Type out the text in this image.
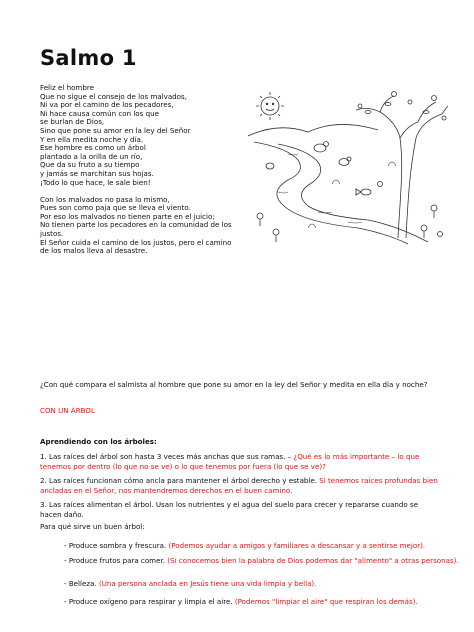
Salmo 1

Feliz el hombre
Que no sigue el consejo de los malvados,
Ni va por el camino de los pecadores,
Ni hace causa común con los que
se burlan de Dios,
Sino que pone su amor en la ley del Señor
Y en ella medita noche y día.
Ese hombre es como un árbol
plantado a la orilla de un río,
Que da su fruto a su tiempo
y jamás se marchitan sus hojas.
¡Todo lo que hace, le sale bien!

Con los malvados no pasa lo mismo,
Pues son como paja que se lleva el viento.
Por eso los malvados no tienen parte en el juicio;
No tienen parte los pecadores en la comunidad de los
justos.
El Señor cuida el camino de los justos, pero el camino
de los malos lleva al desastre.

¿Con qué compara el salmista al hombre que pone su amor en la ley del Señor y medita en ella día y noche?
CON UN ÁRBOL
Aprendiendo con los árboles:
1. Las raíces del árbol son hasta 3 veces más anchas que sus ramas. – ¿Qué es lo más importante – lo que tenemos por dentro (lo que no se ve) o lo que tenemos por fuera (lo que se ve)?
2. Las raíces funcionan cómo ancla para mantener el árbol derecho y estable. Si tenemos raíces profundas bien ancladas en el Señor, nos mantendremos derechos en el buen camino.
3. Las raíces alimentan el árbol. Usan los nutrientes y el agua del suelo para crecer y repararse cuando se hacen daño.
Para qué sirve un buen árbol:
- Produce sombra y frescura. (Podemos ayudar a amigos y familiares a descansar y a sentirse mejor).
- Produce frutos para comer. (Si conocemos bien la palabra de Dios podemos dar "alimento" a otras personas).
- Belleza. (Una persona anclada en Jesús tiene una vida limpia y bella).
- Produce oxígeno para respirar y limpia el aire. (Podemos "limpiar el aire" que respiran los demás).
